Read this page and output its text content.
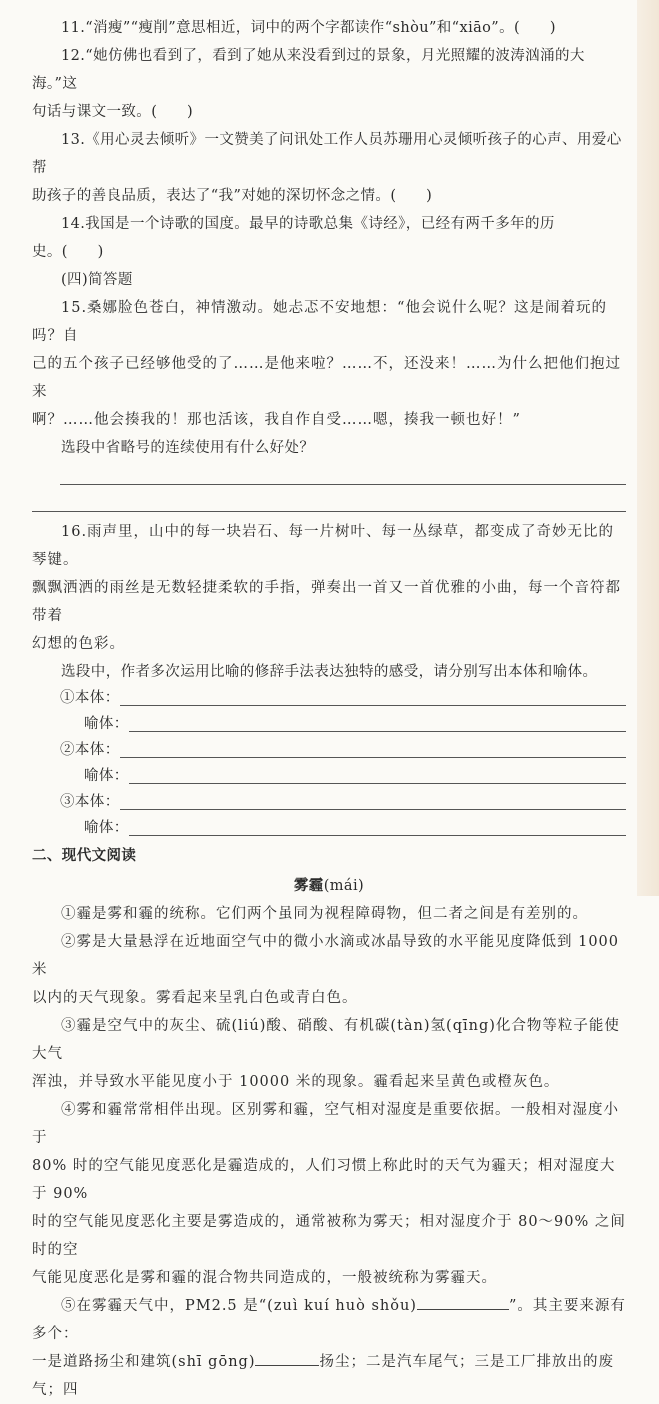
11.“消瘦”“瘦削”意思相近，词中的两个字都读作“shòu”和“xiāo”。(　　)

12.“她仿佛也看到了，看到了她从来没看到过的景象，月光照耀的波涛汹涌的大海。”这

句话与课文一致。(　　)

13.《用心灵去倾听》一文赞美了问讯处工作人员苏珊用心灵倾听孩子的心声、用爱心帮

助孩子的善良品质，表达了“我”对她的深切怀念之情。(　　)

14.我国是一个诗歌的国度。最早的诗歌总集《诗经》，已经有两千多年的历

史。(　　)

(四)简答题

15.桑娜脸色苍白，神情激动。她忐忑不安地想：“他会说什么呢？这是闹着玩的吗？自

己的五个孩子已经够他受的了……是他来啦？……不，还没来！……为什么把他们抱过来

啊？……他会揍我的！那也活该，我自作自受……嗯，揍我一顿也好！”

选段中省略号的连续使用有什么好处？

16.雨声里，山中的每一块岩石、每一片树叶、每一丛绿草，都变成了奇妙无比的琴键。

飘飘洒洒的雨丝是无数轻捷柔软的手指，弹奏出一首又一首优雅的小曲，每一个音符都带着

幻想的色彩。

选段中，作者多次运用比喻的修辞手法表达独特的感受，请分别写出本体和喻体。

①本体：
喻体：
②本体：
喻体：
③本体：
喻体：

二、现代文阅读

雾霾(mái)

①霾是雾和霾的统称。它们两个虽同为视程障碍物，但二者之间是有差别的。

②雾是大量悬浮在近地面空气中的微小水滴或冰晶导致的水平能见度降低到 1000 米

以内的天气现象。雾看起来呈乳白色或青白色。

③霾是空气中的灰尘、硫(liú)酸、硝酸、有机碳(tàn)氢(qīng)化合物等粒子能使大气

浑浊，并导致水平能见度小于 10000 米的现象。霾看起来呈黄色或橙灰色。

④雾和霾常常相伴出现。区别雾和霾，空气相对湿度是重要依据。一般相对湿度小于

80% 时的空气能见度恶化是霾造成的，人们习惯上称此时的天气为霾天；相对湿度大于 90%

时的空气能见度恶化主要是雾造成的，通常被称为雾天；相对湿度介于 80～90% 之间时的空

气能见度恶化是雾和霾的混合物共同造成的，一般被统称为雾霾天。

⑤在雾霾天气中，PM2.5 是“(zuì kuí huò shǒu)	”。其主要来源有多个：

一是道路扬尘和建筑(shī gōng)	扬尘；二是汽车尾气；三是工厂排放出的废气；四
